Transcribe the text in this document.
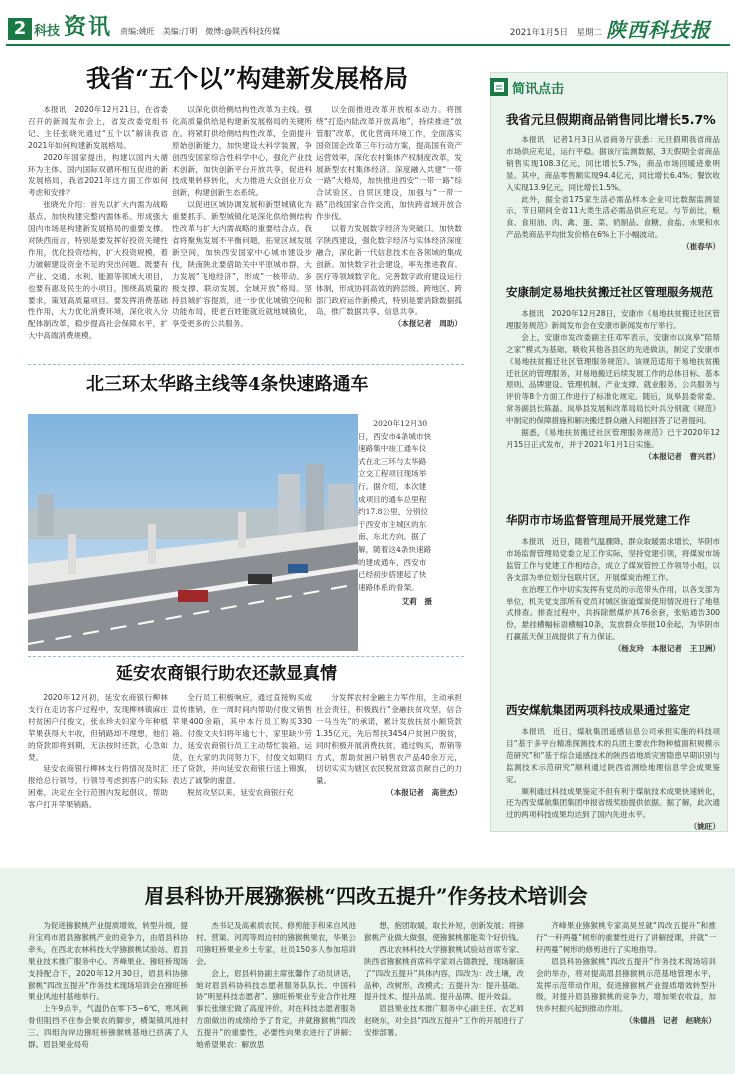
2 科技 资讯 责编:姚旺　美编:汀明　微博:@陕西科技传媒	2021年1月5日　星期二 陕西科技报
我省“五个以”构建新发展格局

本报讯　2020年12月21日，在省委召开的新闻发布会上，省发改委党组书记、主任张晓光通过“五个以”解读我省2021年如何构建新发展格局。

2020年国家提出，构建以国内大循环为主体、国内国际双循环相互促进的新发展格局，我省2021年这方面工作如何考虑和安排？

张晓光介绍：首先以扩大内需为战略基点。加快构建完整内需体系、形成强大国内市场是构建新发展格局的重要支撑。对陕西而言，特别是要发挥好投资关键性作用，优化投资结构，扩大投资规模，着力破解建设资金不足的突出问题。既要有产业、交通、水利、能源等领域大项目，也要有惠及民生的小项目，围绕高质量的要求，策划高质量项目。要发挥消费基础性作用，大力优化消费环境，深化收入分配体制改革，稳步提高社会保障水平，扩大中高端消费规模。

以深化供给侧结构性改革为主线。强化高质量供给是构建新发展格局的关键所在。将紧盯供给侧结构性改革，全面提升原始创新能力，加快建设大科学装置，争创西安国家综合性科学中心，强化产业技术创新，加快创新平台开放共享，促进科技成果转移转化，大力推进大众创业万众创新，构建创新生态系统。

以促进区域协调发展和新型城镇化为重要抓手。新型城镇化是深化供给侧结构性改革与扩大内需战略的重要结合点。我省将聚焦发展不平衡问题，拓宽区域发展新空间，加快西安国家中心城市建设步伐，陕南陕北要借助关中平原城市群，大力发展“飞地经济”，形成“一核带动、多极支撑、联动发展、全域开放”格局。坚持县城扩容提质，进一步优化城镇空间和功能布局，使老百姓能就近就地城镇化，享受更多的公共服务。

以全面推进改革开放根本动力。将围绕“打造内陆改革开放高地”，持续推进“放管服”改革，优化营商环境工作，全面落实国资国企改革三年行动方案，提高国有资产运营效率，深化农村集体产权制度改革，发展新型农村集体经济。深度融入共建“一带一路”大格局，加快推进西安“一带一路”综合试验区、自贸区建设，加强与“一带一路”沿线国家合作交流，加快跨省域开放合作步伐。

以着力发展数字经济为突破口。加快数字陕西建设，强化数字经济与实体经济深度融合，深化新一代信息技术在各领域的集成创新。加快数字社会建设，率先推进教育、医疗等领域数字化。完善数字政府建设运行体制，形成协同高效的跨层级、跨地区、跨部门政府运作新模式，特别是要消除数据孤岛，推广数据共享、信息共享。

（本报记者　周助）
北三环太华路主线等4条快速路通车
2020年12月30日，西安市4条城市快速路集中竣工通车仪式在北三环与太华路立交工程项目现场举行。据介绍，本次建成项目的通车总里程约17.8公里，分别位于西安市主城区的东南、东北方向。据了解，随着这4条快速路的建成通车，西安市已经初步搭建起了快速路体系的骨架。
艾莉　摄
延安农商银行助农还款显真情

2020年12月初，延安农商银行柳林支行在走访客户过程中，发现柳林镇麻庄村贫困户付俊文，张永珍夫妇家今年种植苹果获得大丰收，但销路却不理想，他们的贷款即将到期，无法按时还款，心急如焚。

延安农商银行柳林支行将情况及时汇报给总行领导，行领导考虑到客户的实际困难，决定在全行范围内发起倡议，帮助客户打开苹果销路。

全行员工积极响应，通过直接购买或宣传推销，在一周时间内帮助付俊文销售苹果400余箱，其中本行员工购买330箱。付俊文夫妇将年逾七十，家里缺少劳力，延安农商银行员工主动帮忙装箱、运货，在大家的共同努力下，付俊文如期归还了贷款，并向延安农商银行送上锦旗，表达了诚挚的谢意。

脱贫攻坚以来，延安农商银行充

分发挥农村金融主力军作用，主动承担社会责任，积极践行“金融扶贫攻坚，信合一马当先”的承诺，累计发放扶贫小额贷款1.35亿元，先后帮扶3454户贫困户脱贫，同时积极开展消费扶贫，通过购买，帮销等方式，帮助贫困户销售农产品40余万元，切切实实为辖区农民脱贫致富贡献自己的力量。

（本报记者　高世杰）
简讯点击
我省元旦假期商品销售同比增长5.7%

本报讯　记者1月3日从省商务厅获悉：元旦假期我省商品市场供应充足，运行平稳。据该厅监测数据，3天假期全省商品销售实现108.3亿元，同比增长5.7%，商品市场回暖迹象明显。其中，商品零售额实现94.4亿元，同比增长6.4%；餐饮收入实现13.9亿元，同比增长1.5%。

此外，据全省175家生活必需品样本企业可比数据监测显示，节日期间全省11大类生活必需品供应充足。与节前比，粮食、食用油、肉、禽、蛋、菜、奶制品、食糖、食盐、水果和水产品类商品平均批发价格在6%上下小幅波动。

（崔春华）
安康制定易地扶贫搬迁社区管理服务规范

本报讯　2020年12月28日，安康市《易地扶贫搬迁社区管理服务规范》新闻发布会在安康市新闻发布厅举行。

会上，安康市发改委副主任邓军表示，安康市以岚皋“陪帮之家”模式为基础，吸收其他各县区的先进做法，制定了安康市《易地扶贫搬迁社区管理服务规范》。该规范适用于易地扶贫搬迁社区的管理服务，对易地搬迁后续发展工作的总体目标、基本原则、品牌建设、管理机制、产业支撑、就业服务、公共服务与评价等8个方面工作进行了标准化规定。随后，岚皋县委常委、常务副县长陈磊、岚皋县发展和改革局局长叶兵分别就《规范》中制定的保障措施和解决搬迁群众融入问题回答了记者提问。

据悉，《易地扶贫搬迁社区管理服务规范》已于2020年12月15日正式发布，并于2021年1月1日实施。

（本报记者　曹兴君）
华阴市市场监督管理局开展党建工作

本报讯　近日，随着气温骤降，群众取暖需求增长，华阴市市场监督管理局党委立足工作实际，坚持党建引领，将煤炭市场监管工作与党建工作相结合，成立了煤炭管控工作领导小组，以各支部为单位划分包联片区，开展煤炭治理工作。

在治理工作中切实发挥有党员的示范带头作用，以各支部为单位，机关党支部所有党员对城区街道煤炭使用情况进行了地毯式排查。排查过程中，共拆除燃煤炉具76余套，张贴通告300份，悬挂横幅标语横幅10条，发放群众举报10余起，为华阴市打赢蓝天保卫战提供了有力保证。

（杨友玲　本报记者　王卫洲）
西安煤航集团两项科技成果通过鉴定

本报讯　近日，煤航集团遥感信息公司承担实施的科技项目“基于多平台精准探测技术的兵团主要农作物种植面积规模示范研究”和“基于综合遥感技术的陕西省地质灾害隐患早期识别与监测技术示范研究”顺利通过陕西省测绘地理信息学会成果鉴定。

顺利通过科技成果鉴定不但有利于煤航技术成果快速转化，还为西安煤航集团集团申报省级奖励提供依据。据了解，此次通过的两项科技成果均达到了国内先进水平。

（姚旺）
眉县科协开展猕猴桃“四改五提升”作务技术培训会

为促进猕猴桃产业提质增效，转型升级，提升宝鸡市眉县猕猴桃产业的竞争力，由眉县科协牵头，在西北农林科技大学猕猴桃试验站、眉县果业技术推广服务中心、齐峰果业、猕旺桥现场支持配合下，2020年12月30日，眉县科协猕猴桃“四改五提升”作务技术现场培训会在猕旺桥果业风池村基地举行。

上午9点半，气温仍在零下5~6℃，寒风刺骨但阻挡不住参会果农的脚步，横渠镇风池村三、四组沟岸边猕旺桥猕猴桃基地已挤满了人群。眉县果业局苟

杰书记及高素质农民、修剪能手和来自风池村、营渠、河湾等周边村的猕猴桃果农，华果公司猕旺桥果业乡土专家，社员150多人参加培训会。

会上，眉县科协副主席张馨作了动员讲话，她对眉县科协科技志愿者服务队队长、中国科协“明星科技志愿者”、猕旺桥果业专业合作社理事长张继宏做了高度评价，对在科技志愿者服务方面做出的成绩给予了肯定，并就猕猴桃“四改五提升”的重要性，必要性向果农进行了讲解；她希望果农：解放思

想，抱团取暖，取长补短，创新发展；将猕猴桃产业做大做强，使猕猴桃都能卖个好价钱。

西北农林科技大学猕猴桃试验站首席专家、陕西省猕猴桃首席科学家刘占德教授，现场解读了“四改五提升”具体内容，四改为：改土壤，改品种，改树形，改模式；五提升为：提升基础、提升技术、提升品质、提升品牌、提升效益。

眉县果业技术推广服务中心副主任、农艺师赵晓东，对全县“四改五提升”工作的开展进行了安排部署。

齐峰果业猕猴桃专家高昊昱就“四改五提升”和推行“一秆两蔓”树形的重要性进行了讲解授课，并就“一秆两蔓”树形的修剪进行了实地指导。

眉县科协猕猴桃“四改五提升”作务技术现场培训会的举办，将对提高眉县猕猴桃示范基地管理水平，发挥示范带动作用，促进猕猴桃产业提质增效转型升级，对提升眉县猕猴桃的竞争力，增加果农收益，加快乡村振兴起到推动作用。

（朱德昌　记者　赵晓东）
